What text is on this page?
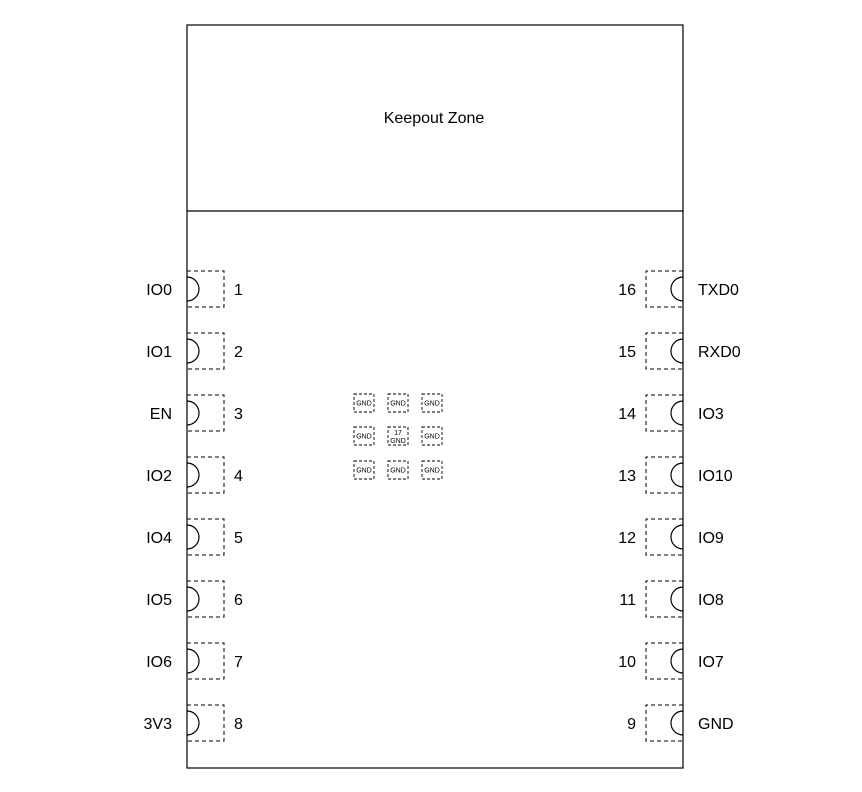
Keepout Zone
IO0	1
IO1	2
EN	3
IO2	4
IO4	5
IO5	6
IO6	7
3V3	8
16	TXD0
15	RXD0
14	IO3
13	IO10
12	IO9
11	IO8
10	IO7
9	GND
GND	GND	GND
GND	17
GND
GND
GND	GND	GND
